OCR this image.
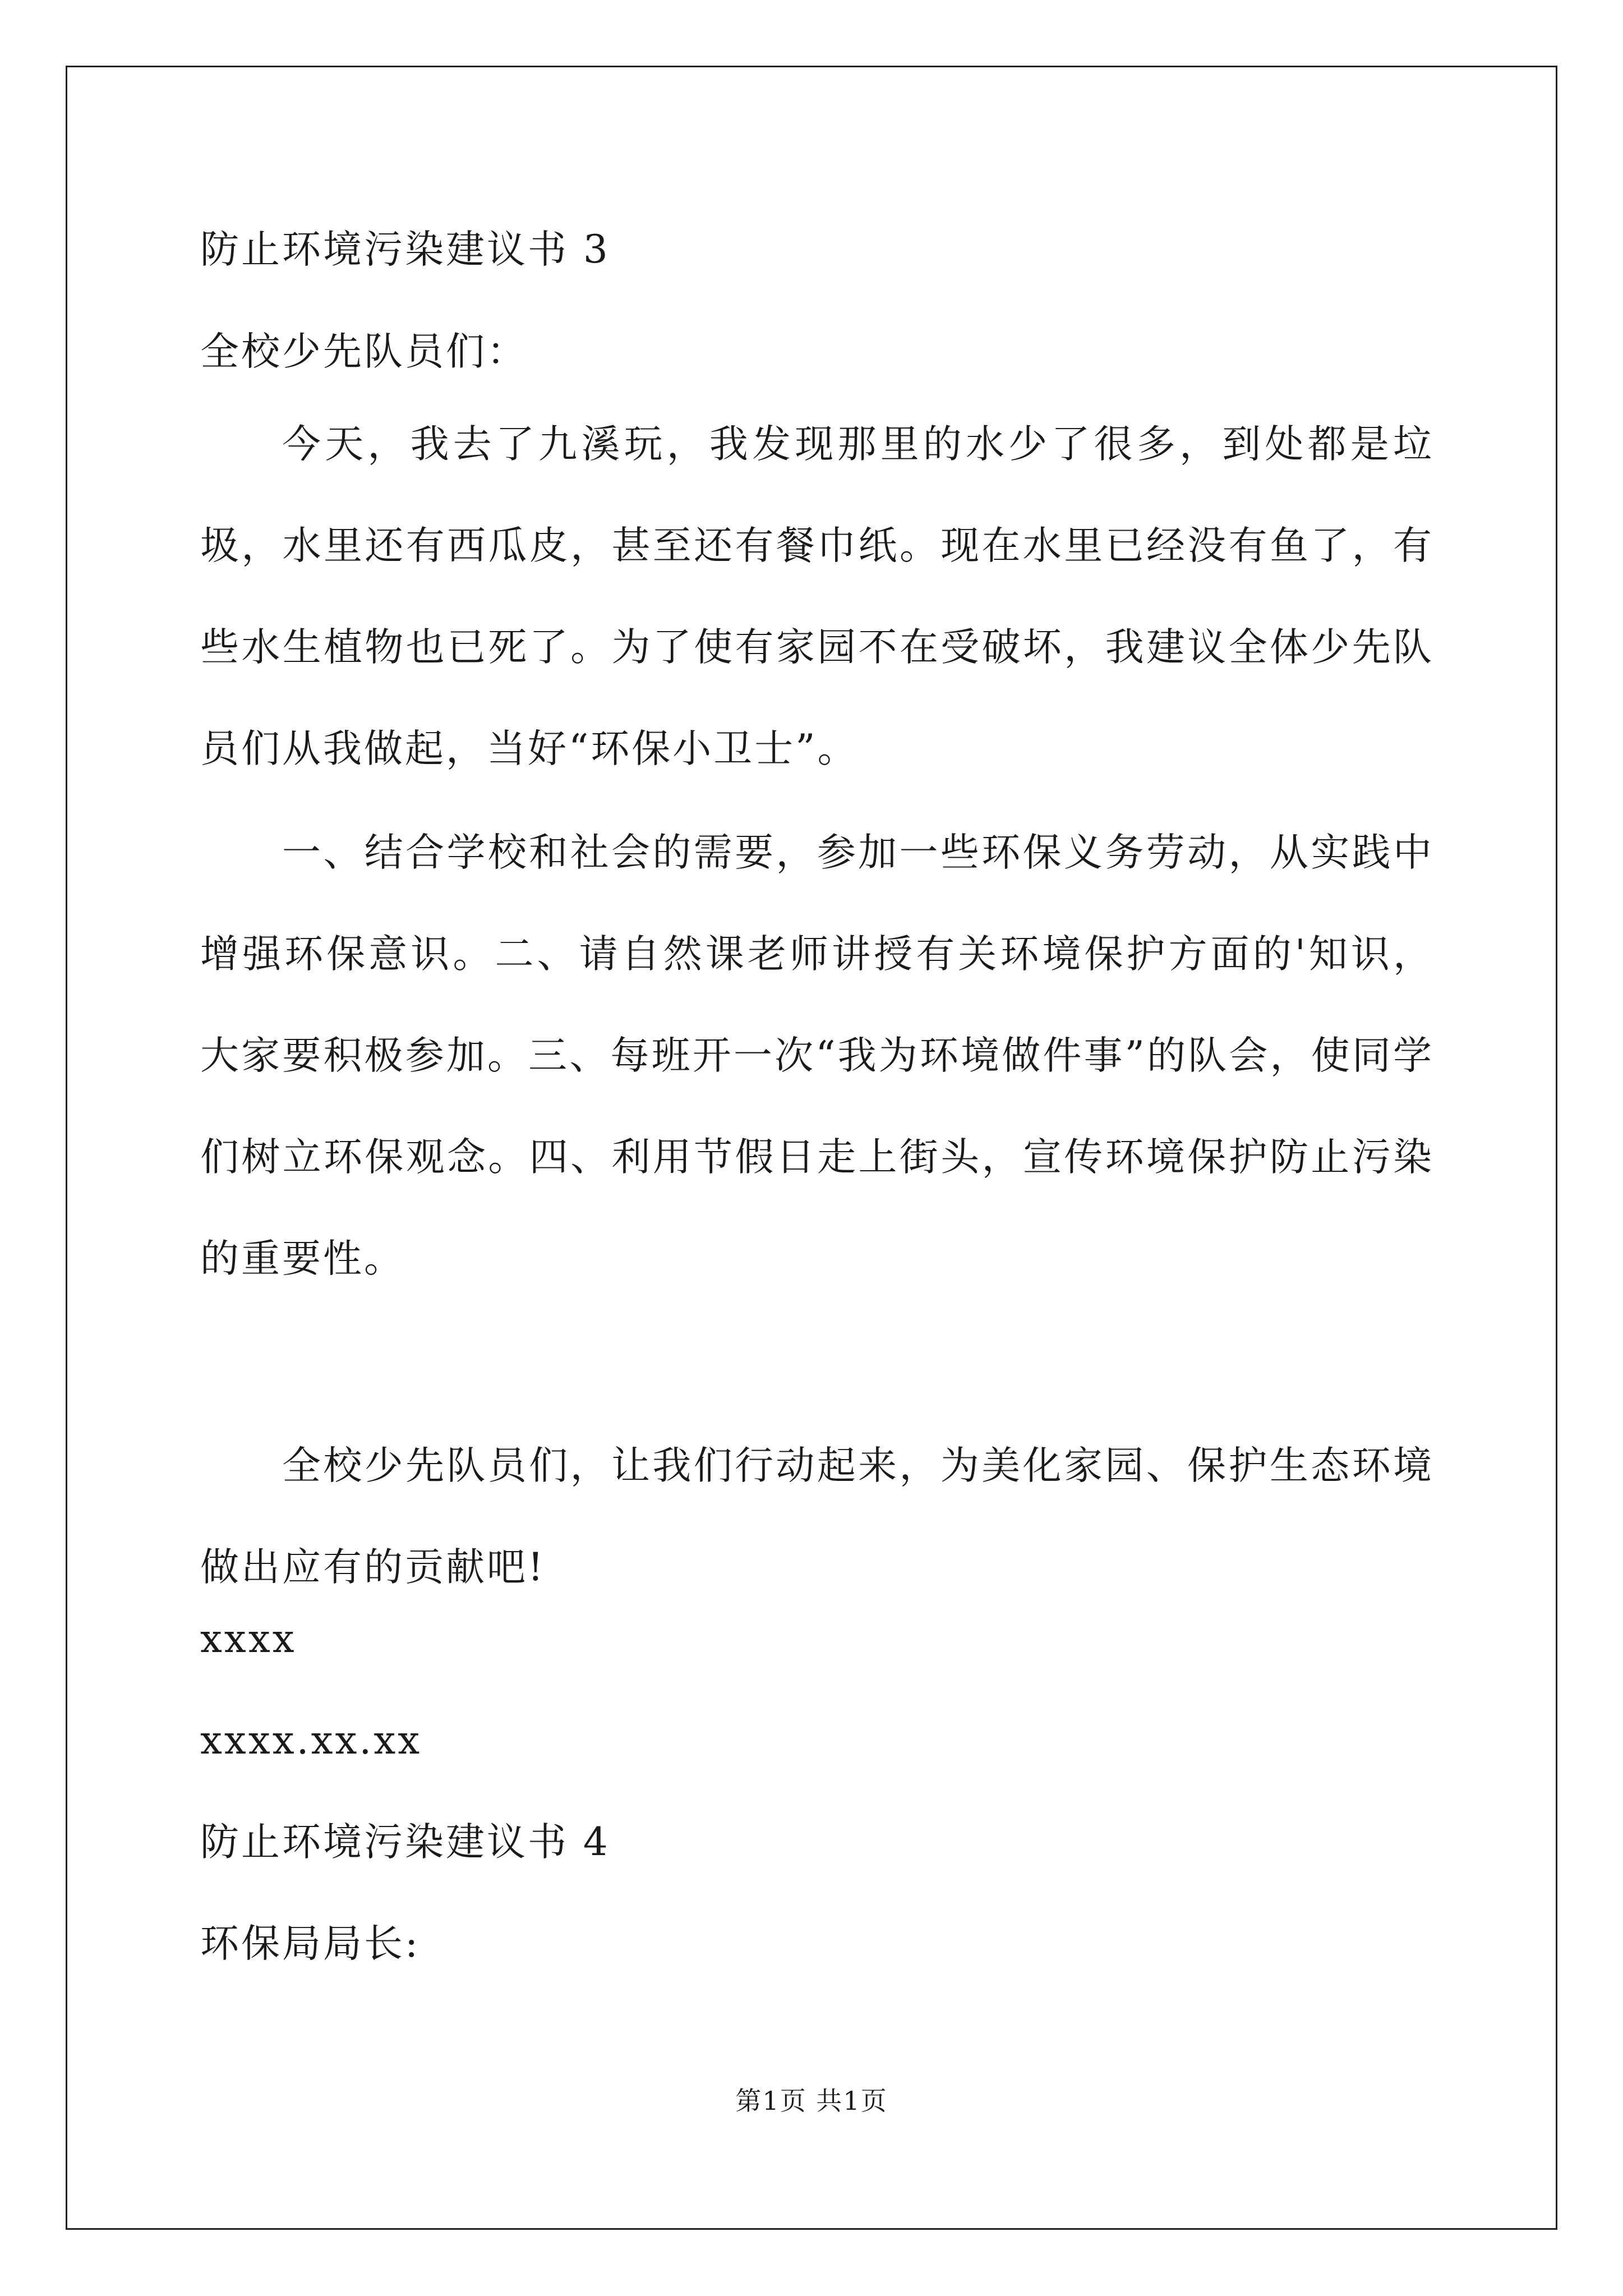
防止环境污染建议书 3
全校少先队员们：
今天，我去了九溪玩，我发现那里的水少了很多，到处都是垃圾，水里还有西瓜皮，甚至还有餐巾纸。现在水里已经没有鱼了，有些水生植物也已死了。为了使有家园不在受破坏，我建议全体少先队员们从我做起，当好“环保小卫士”。
一、结合学校和社会的需要，参加一些环保义务劳动，从实践中增强环保意识。二、请自然课老师讲授有关环境保护方面的'知识，大家要积极参加。三、每班开一次“我为环境做件事”的队会，使同学们树立环保观念。四、利用节假日走上街头，宣传环境保护防止污染的重要性。
全校少先队员们，让我们行动起来，为美化家园、保护生态环境做出应有的贡献吧!
xxxx
xxxx.xx.xx
防止环境污染建议书 4
环保局局长:
第1页 共1页
